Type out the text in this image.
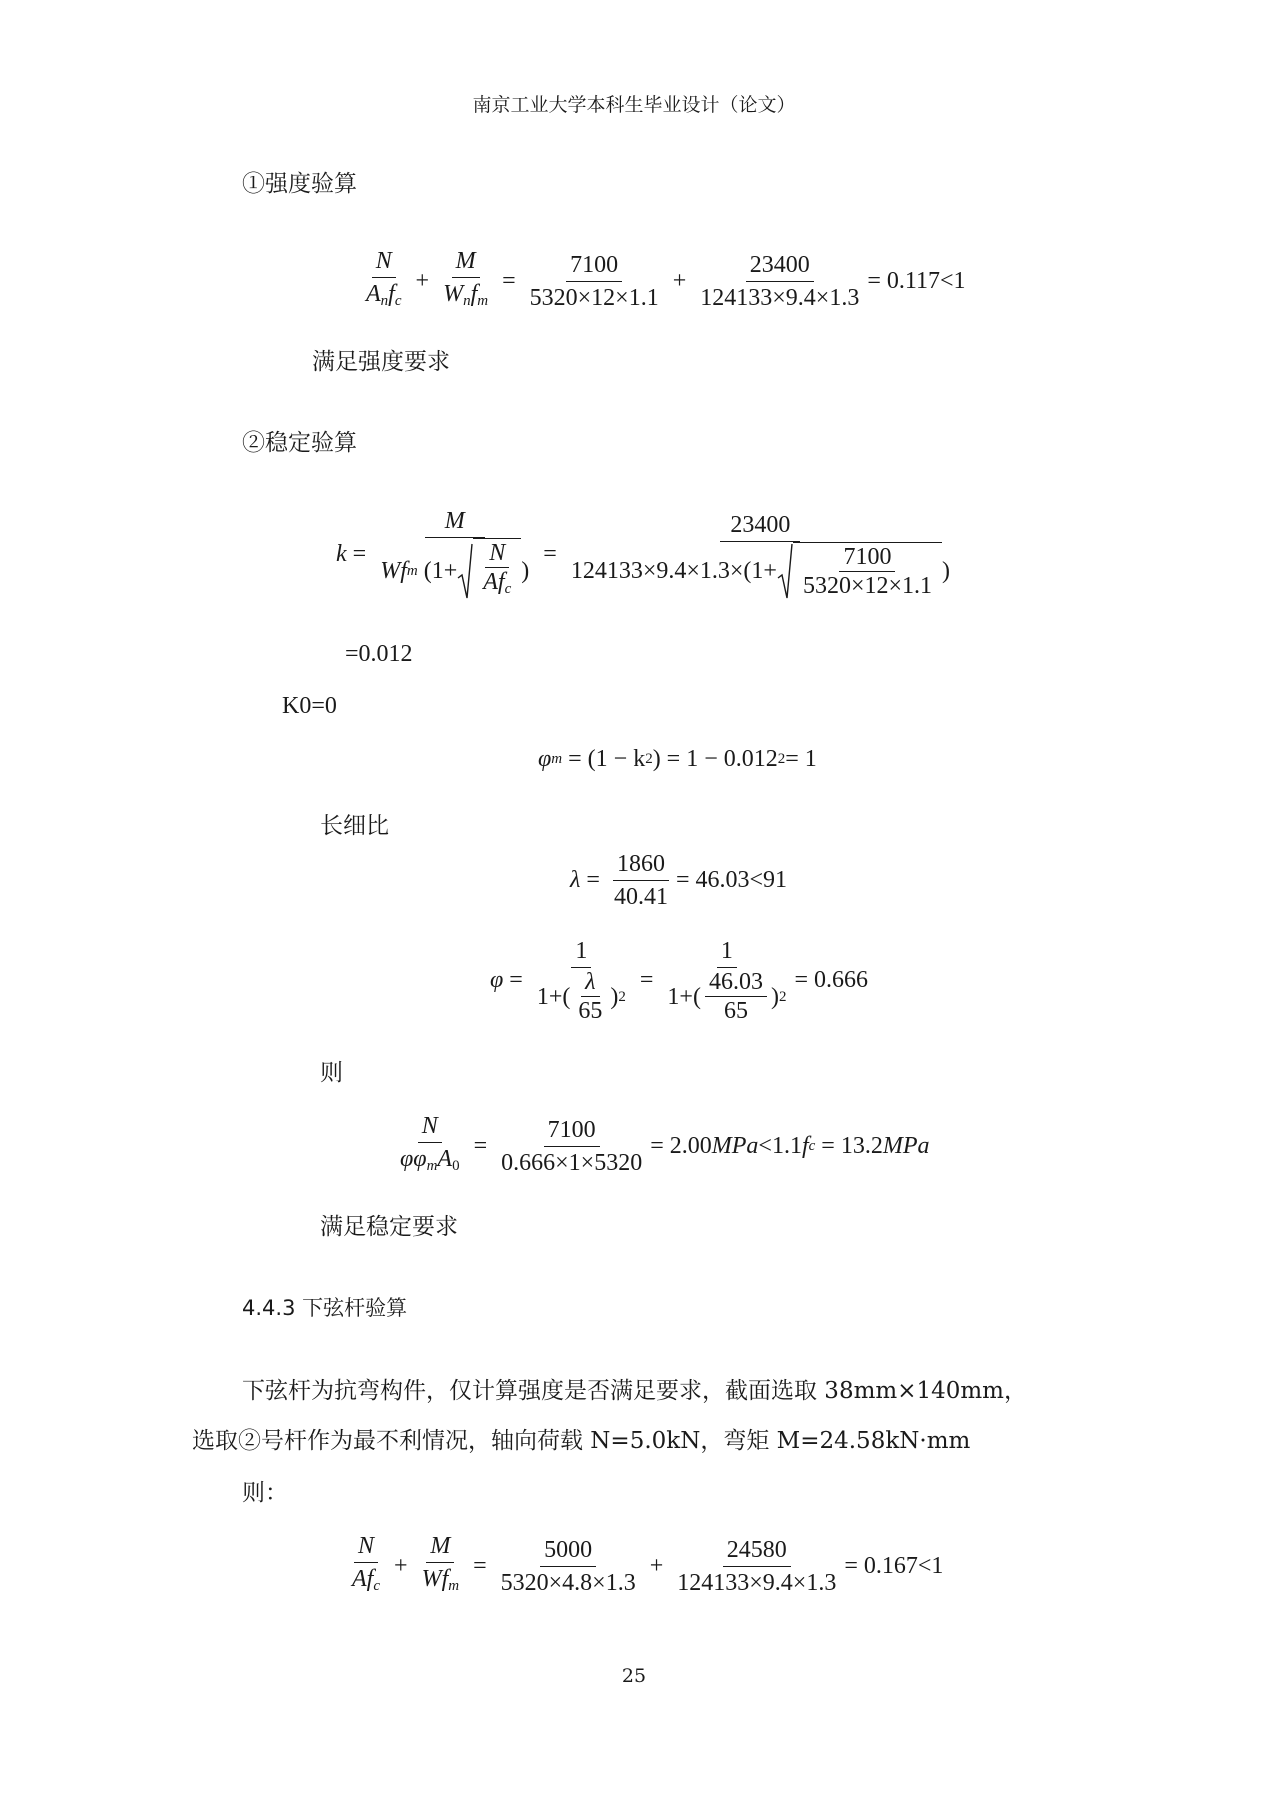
南京工业大学本科生毕业设计（论文）
①强度验算
$\frac{N}{A_nf_c} + \frac{M}{W_nf_m} = \frac{7100}{5320\times 12\times 1.1} + \frac{23400}{124133\times 9.4\times 1.3} = 0.117<1$
满足强度要求
②稳定验算
$k = \frac{M}{W f m (1+ \frac{N}{Af_c} )}$ =
23400
$124133\times 9.4\times 1.3\times(1+ \frac{7100}{5320\times 12\times 1.1}$ )
=0.012
K0=0
φ m
= (1 − k 2 ) = 1 − 0.012 2 = 1
长细比
$\lambda = \frac{1860}{40.41} = 46.03<91$
$\varphi = \frac{1}{1+( \frac{\lambda}{65} ) 2} = \frac{1}{1+( \frac{46.03}{65} ) 2} = 0.666$
则
$\frac{N}{\varphi\varphi_mA_0} = \frac{7100}{0.666\times 1\times 5320} = 2.00$ MPa <1.1 f c
= 13.2 MPa
满足稳定要求
4.4.3 下弦杆验算
下弦杆为抗弯构件，仅计算强度是否满足要求，截面选取 38mm×140mm，
选取②号杆作为最不利情况，轴向荷载 N=5.0kN，弯矩 M=24.58kN·mm
则：
$\frac{N}{Af_c} + \frac{M}{Wf_m} = \frac{5000}{5320\times 4.8\times 1.3} + \frac{24580}{124133\times 9.4\times 1.3} = 0.167<1$
25
